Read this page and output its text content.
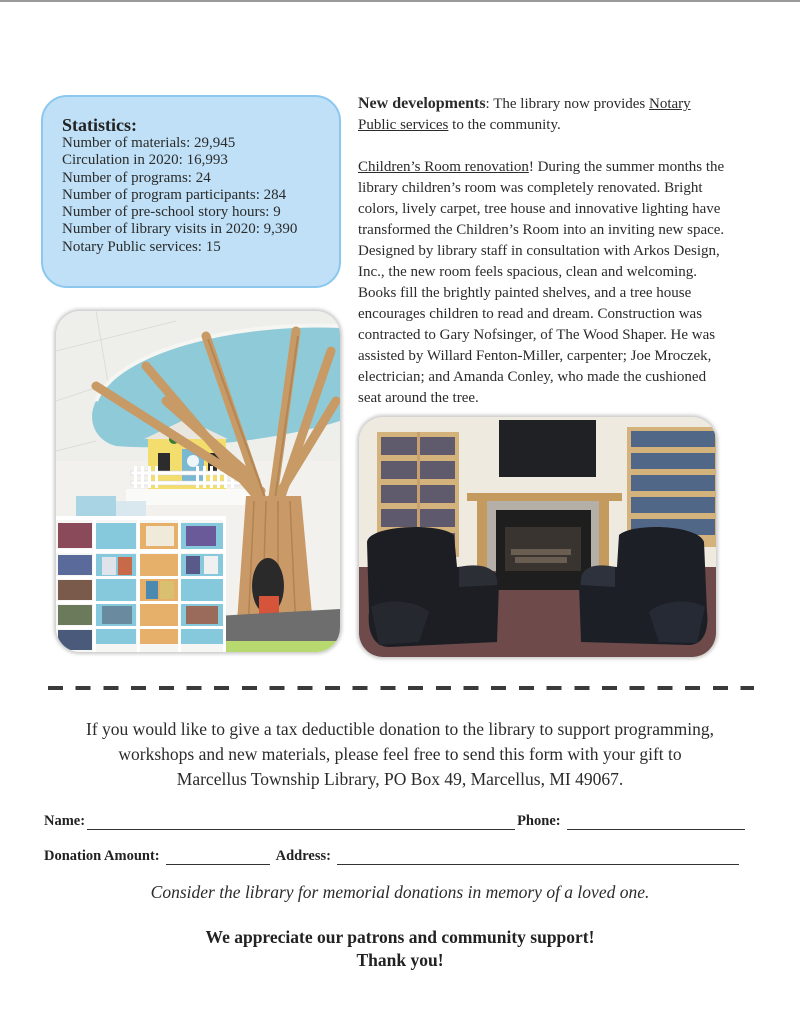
Statistics:
Number of materials: 29,945
Circulation in 2020: 16,993
Number of programs: 24
Number of program participants: 284
Number of pre-school story hours: 9
Number of library visits in 2020: 9,390
Notary Public services: 15

New developments: The library now provides Notary
Public services to the community.

Children’s Room renovation! During the summer months the
library children’s room was completely renovated. Bright
colors, lively carpet, tree house and innovative lighting have
transformed the Children’s Room into an inviting new space.
Designed by library staff in consultation with Arkos Design,
Inc., the new room feels spacious, clean and welcoming.
Books fill the brightly painted shelves, and a tree house
encourages children to read and dream. Construction was
contracted to Gary Nofsinger, of The Wood Shaper. He was
assisted by Willard Fenton-Miller, carpenter; Joe Mroczek,
electrician; and Amanda Conley, who made the cushioned
seat around the tree.

If you would like to give a tax deductible donation to the library to support programming,
workshops and new materials, please feel free to send this form with your gift to
Marcellus Township Library, PO Box 49, Marcellus, MI 49067.
Name:	Phone:
Donation Amount:	Address:
Consider the library for memorial donations in memory of a loved one.
We appreciate our patrons and community support!
Thank you!
